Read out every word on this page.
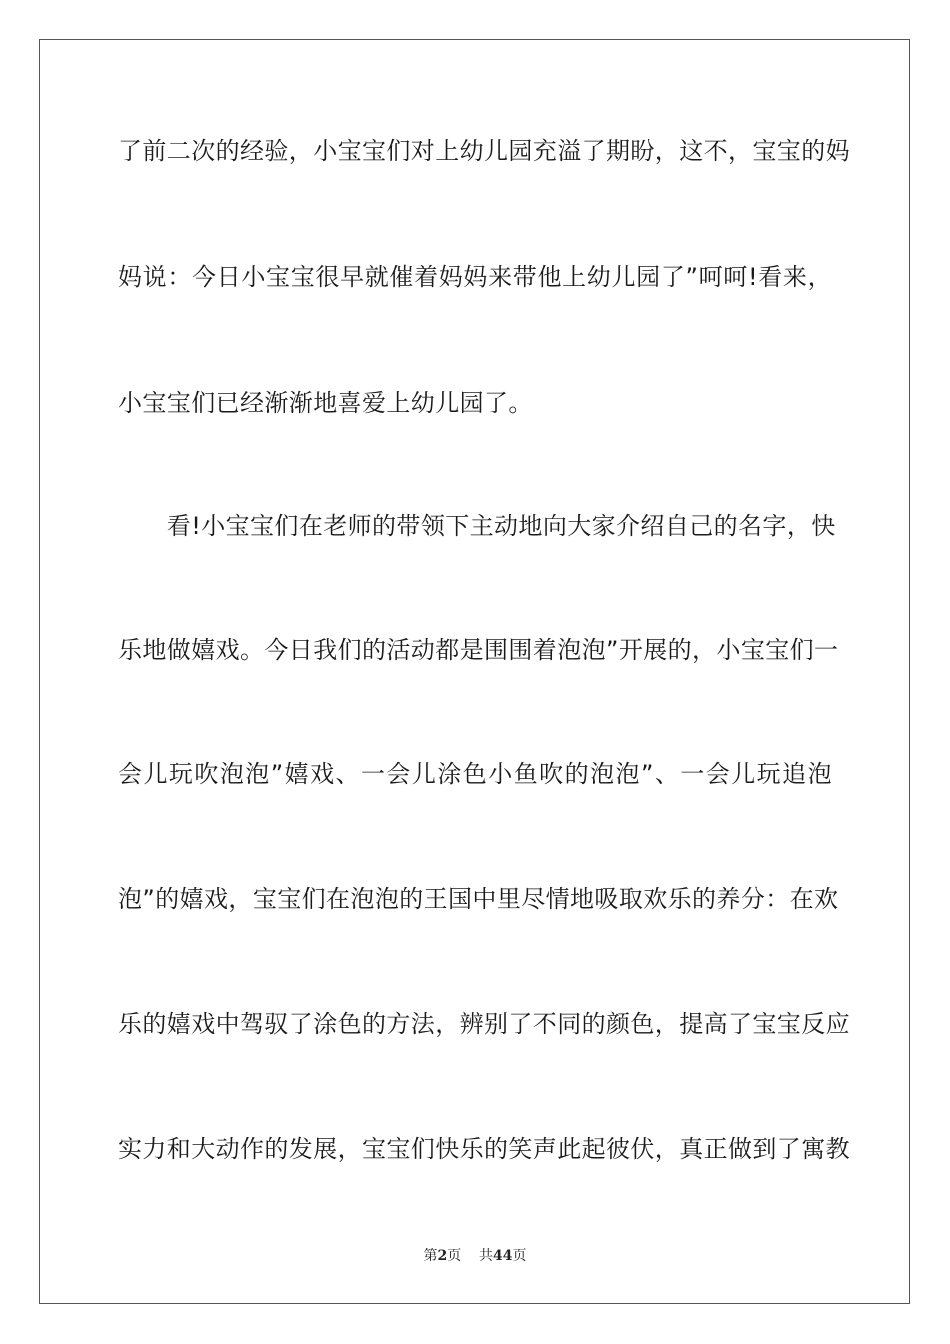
了前二次的经验，小宝宝们对上幼儿园充溢了期盼，这不，宝宝的妈
妈说：今日小宝宝很早就催着妈妈来带他上幼儿园了”呵呵!看来，
小宝宝们已经渐渐地喜爱上幼儿园了。
　　看!小宝宝们在老师的带领下主动地向大家介绍自己的名字，快
乐地做嬉戏。今日我们的活动都是围围着泡泡”开展的，小宝宝们一
会儿玩吹泡泡”嬉戏、一会儿涂色小鱼吹的泡泡”、一会儿玩追泡
泡”的嬉戏，宝宝们在泡泡的王国中里尽情地吸取欢乐的养分：在欢
乐的嬉戏中驾驭了涂色的方法，辨别了不同的颜色，提高了宝宝反应
实力和大动作的发展，宝宝们快乐的笑声此起彼伏，真正做到了寓教
第2页 共44页
